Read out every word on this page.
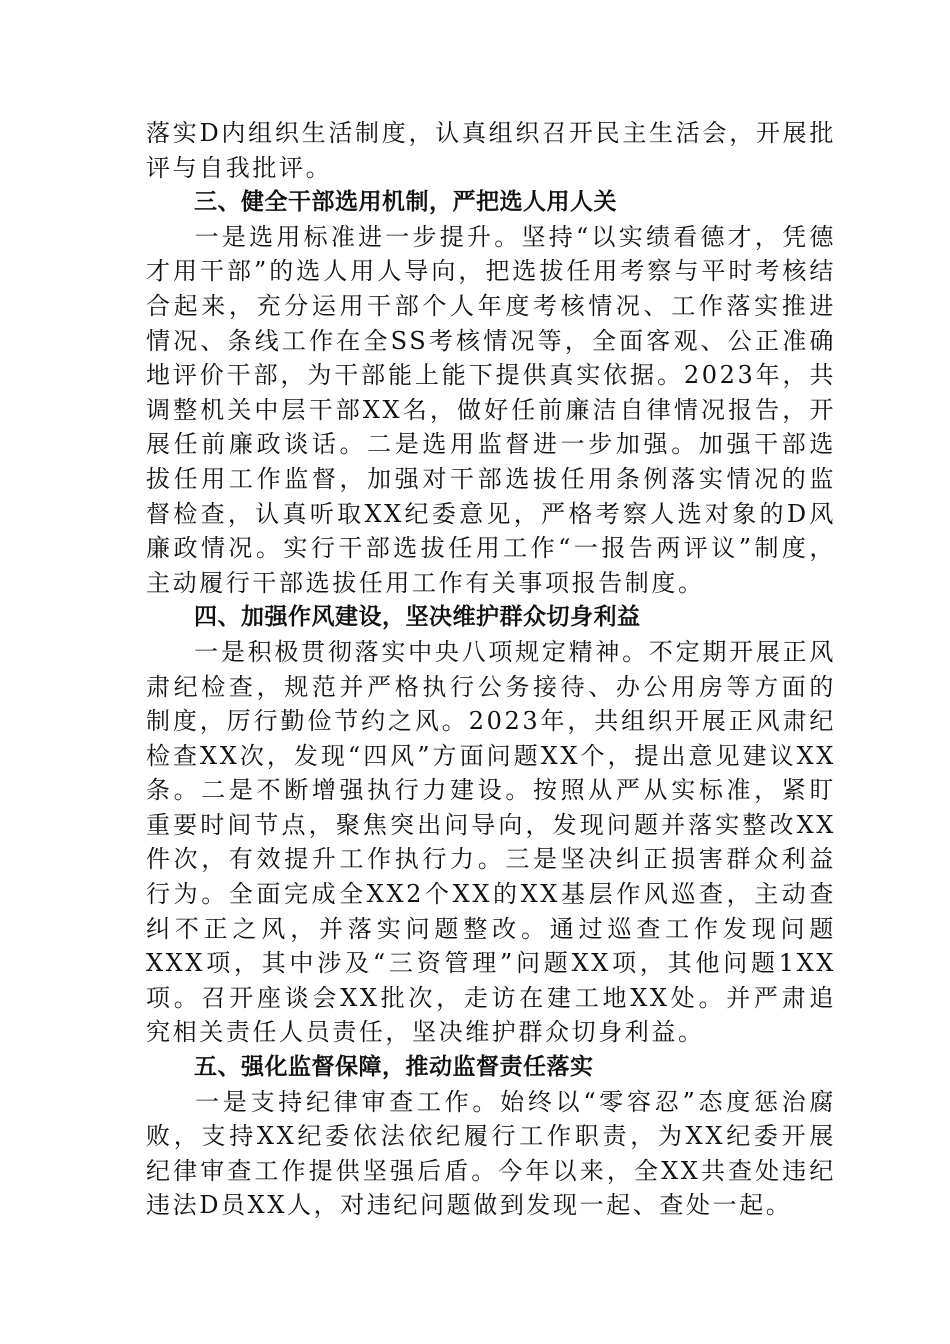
落实D内组织生活制度，认真组织召开民主生活会，开展批评与自我批评。

三、健全干部选用机制，严把选人用人关

一是选用标准进一步提升。坚持“以实绩看德才，凭德才用干部”的选人用人导向，把选拔任用考察与平时考核结合起来，充分运用干部个人年度考核情况、工作落实推进情况、条线工作在全SS考核情况等，全面客观、公正准确地评价干部，为干部能上能下提供真实依据。2023年，共调整机关中层干部XX名，做好任前廉洁自律情况报告，开展任前廉政谈话。二是选用监督进一步加强。加强干部选拔任用工作监督，加强对干部选拔任用条例落实情况的监督检查，认真听取XX纪委意见，严格考察人选对象的D风廉政情况。实行干部选拔任用工作“一报告两评议”制度，主动履行干部选拔任用工作有关事项报告制度。

四、加强作风建设，坚决维护群众切身利益

一是积极贯彻落实中央八项规定精神。不定期开展正风肃纪检查，规范并严格执行公务接待、办公用房等方面的制度，厉行勤俭节约之风。2023年，共组织开展正风肃纪检查XX次，发现“四风”方面问题XX个，提出意见建议XX条。二是不断增强执行力建设。按照从严从实标准，紧盯重要时间节点，聚焦突出问导向，发现问题并落实整改XX件次，有效提升工作执行力。三是坚决纠正损害群众利益行为。全面完成全XX2个XX的XX基层作风巡查，主动查纠不正之风，并落实问题整改。通过巡查工作发现问题XXX项，其中涉及“三资管理”问题XX项，其他问题1XX项。召开座谈会XX批次，走访在建工地XX处。并严肃追究相关责任人员责任，坚决维护群众切身利益。

五、强化监督保障，推动监督责任落实

一是支持纪律审查工作。始终以“零容忍”态度惩治腐败，支持XX纪委依法依纪履行工作职责，为XX纪委开展纪律审查工作提供坚强后盾。今年以来，全XX共查处违纪违法D员XX人，对违纪问题做到发现一起、查处一起。
